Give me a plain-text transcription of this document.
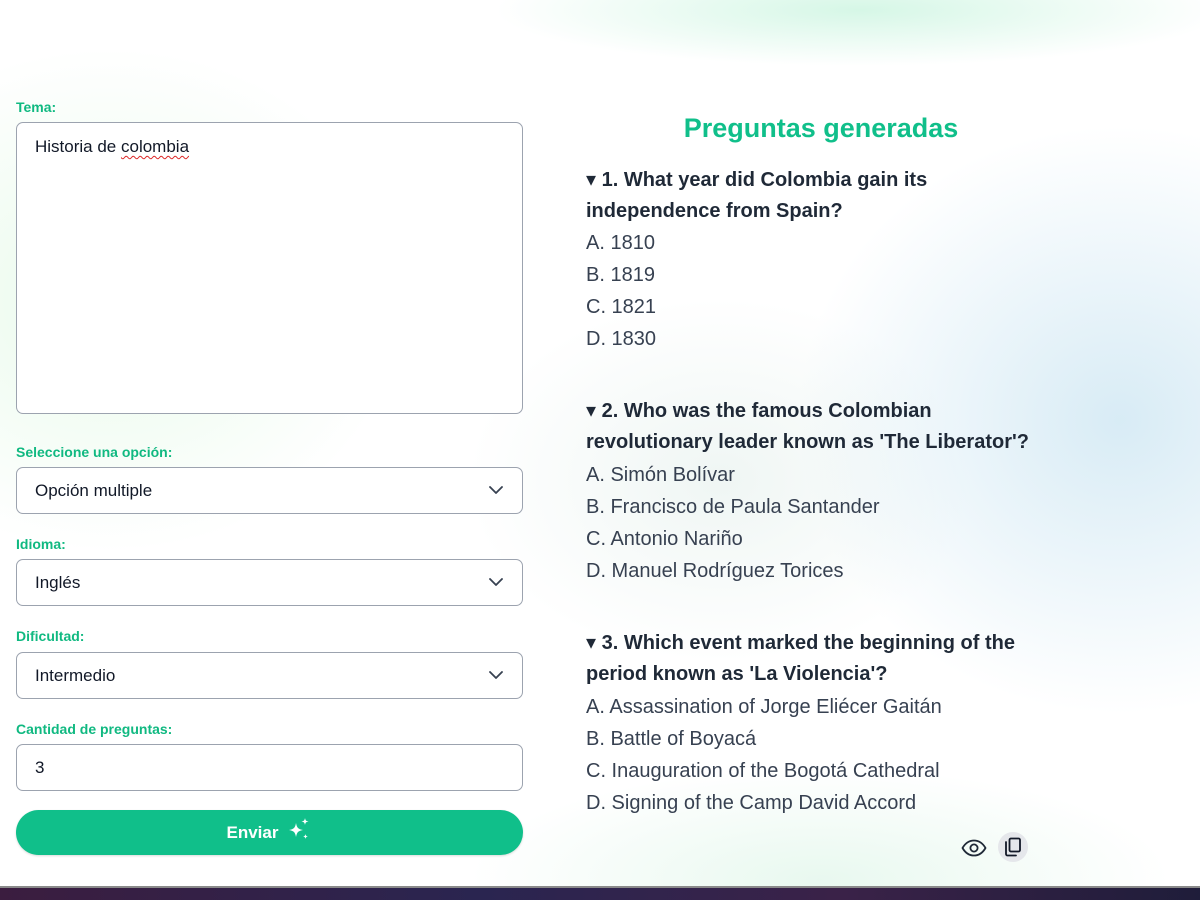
Tema:
Historia de colombia
Seleccione una opción:
Opción multiple
Idioma:
Inglés
Dificultad:
Intermedio
Cantidad de preguntas:
3
Enviar
Preguntas generadas
▾ 1. What year did Colombia gain its
independence from Spain?
A. 1810
B. 1819
C. 1821
D. 1830
▾ 2. Who was the famous Colombian
revolutionary leader known as 'The Liberator'?
A. Simón Bolívar
B. Francisco de Paula Santander
C. Antonio Nariño
D. Manuel Rodríguez Torices
▾ 3. Which event marked the beginning of the
period known as 'La Violencia'?
A. Assassination of Jorge Eliécer Gaitán
B. Battle of Boyacá
C. Inauguration of the Bogotá Cathedral
D. Signing of the Camp David Accord
